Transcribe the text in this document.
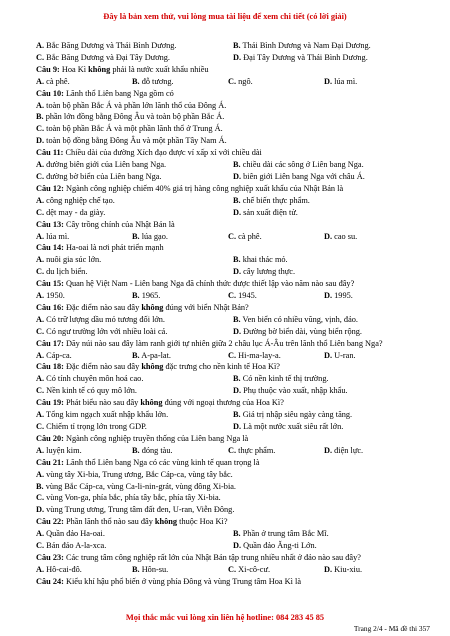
Đây là bản xem thử, vui lòng mua tài liệu để xem chi tiết (có lời giải)
A. Bắc Băng Dương và Thái Bình Dương.	B. Thái Bình Dương và Nam Đại Dương.
C. Bắc Băng Dương và Đại Tây Dương.	D. Đại Tây Dương và Thái Bình Dương.
Câu 9: Hoa Kì không phải là nước xuất khẩu nhiều
A. cà phê.	B. đỗ tương.	C. ngô.	D. lúa mì.
Câu 10: Lãnh thổ Liên bang Nga gồm có
A. toàn bộ phần Bắc Á và phần lớn lãnh thổ của Đông Á.
B. phần lớn đồng bằng Đông Âu và toàn bộ phần Bắc Á.
C. toàn bộ phần Bắc Á và một phần lãnh thổ ở Trung Á.
D. toàn bộ đồng bằng Đông Âu và một phần Tây Nam Á.
Câu 11: Chiều dài của đường Xích đạo được ví xấp xỉ với chiều dài
A. đường biên giới của Liên bang Nga.	B. chiều dài các sông ở Liên bang Nga.
C. đường bờ biển của Liên bang Nga.	D. biên giới Liên bang Nga với châu Á.
Câu 12: Ngành công nghiệp chiếm 40% giá trị hàng công nghiệp xuất khẩu của Nhật Bản là
A. công nghiệp chế tạo.	B. chế biến thực phẩm.
C. dệt may - da giày.	D. sản xuất điện tử.
Câu 13: Cây trồng chính của Nhật Bản là
A. lúa mì.	B. lúa gạo.	C. cà phê.	D. cao su.
Câu 14: Ha-oai là nơi phát triển mạnh
A. nuôi gia súc lớn.	B. khai thác mỏ.
C. du lịch biển.	D. cây lương thực.
Câu 15: Quan hệ Việt Nam - Liên bang Nga đã chính thức được thiết lập vào năm nào sau đây?
A. 1950.	B. 1965.	C. 1945.	D. 1995.
Câu 16: Đặc điểm nào sau đây không đúng với biển Nhật Bản?
A. Có trữ lượng dầu mỏ tương đối lớn.	B. Ven biển có nhiều vũng, vịnh, đảo.
C. Có ngư trường lớn với nhiều loài cá.	D. Đường bờ biển dài, vùng biển rộng.
Câu 17: Dãy núi nào sau đây làm ranh giới tự nhiên giữa 2 châu lục Á-Âu trên lãnh thổ Liên bang Nga?
A. Cáp-ca.	B. A-pa-lat.	C. Hi-ma-lay-a.	D. U-ran.
Câu 18: Đặc điểm nào sau đây không đặc trưng cho nền kinh tế Hoa Kì?
A. Có tính chuyên môn hoá cao.	B. Có nền kinh tế thị trường.
C. Nền kinh tế có quy mô lớn.	D. Phụ thuộc vào xuất, nhập khẩu.
Câu 19: Phát biểu nào sau đây không đúng với ngoại thương của Hoa Kì?
A. Tổng kim ngạch xuất nhập khẩu lớn.	B. Giá trị nhập siêu ngày càng tăng.
C. Chiếm tỉ trọng lớn trong GDP.	D. Là một nước xuất siêu rất lớn.
Câu 20: Ngành công nghiệp truyền thống của Liên bang Nga là
A. luyện kim.	B. đóng tàu.	C. thực phẩm.	D. điện lực.
Câu 21: Lãnh thổ Liên bang Nga có các vùng kinh tế quan trọng là
A. vùng tây Xi-bia, Trung ương, Bắc Cáp-ca, vùng tây bắc.
B. vùng Bắc Cáp-ca, vùng Ca-li-nin-grát, vùng đông Xi-bia.
C. vùng Von-ga, phía bắc, phía tây bắc, phía tây Xi-bia.
D. vùng Trung ương, Trung tâm đất đen, U-ran, Viễn Đông.
Câu 22: Phần lãnh thổ nào sau đây không thuộc Hoa Kì?
A. Quần đảo Ha-oai.	B. Phần ở trung tâm Bắc Mĩ.
C. Bán đảo A-la-xca.	D. Quần đảo Ăng-ti Lớn.
Câu 23: Các trung tâm công nghiệp rất lớn của Nhật Bản tập trung nhiều nhất ở đảo nào sau đây?
A. Hô-cai-đô.	B. Hôn-su.	C. Xi-cô-cư.	D. Kiu-xiu.
Câu 24: Kiểu khí hậu phổ biến ở vùng phía Đông và vùng Trung tâm Hoa Kì là
Mọi thắc mắc vui lòng xin liên hệ hotline: 084 283 45 85
Trang 2/4 - Mã đề thi 357
